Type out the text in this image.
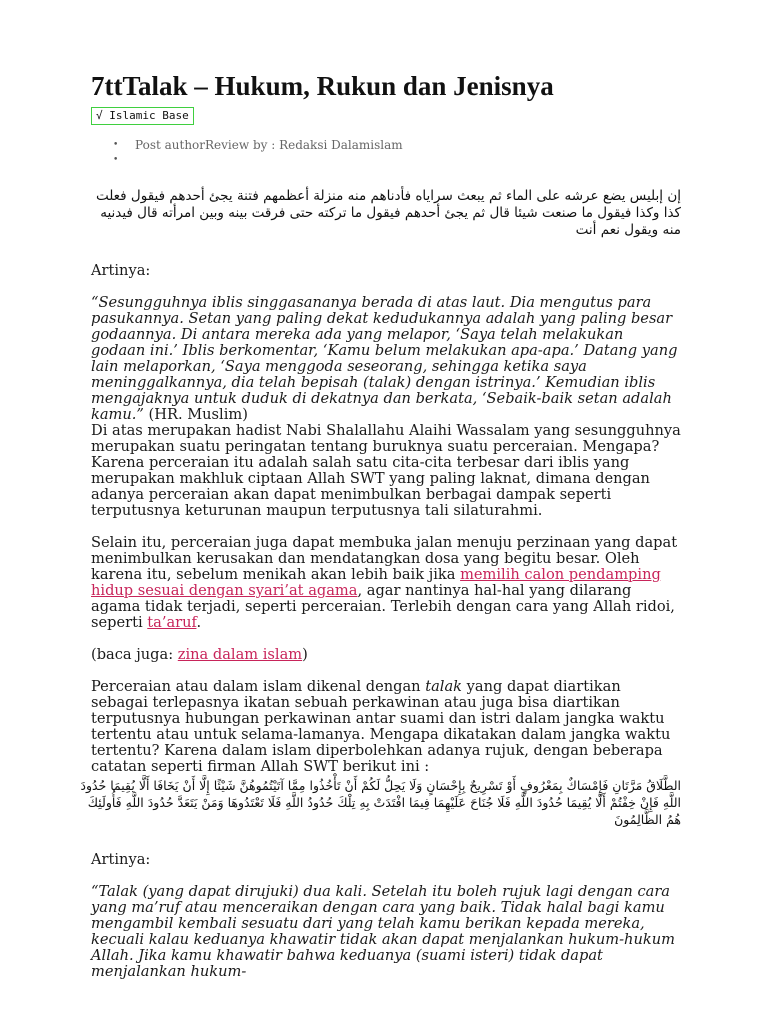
7ttTalak – Hukum, Rukun dan Jenisnya
√ Islamic Base
• Post authorReview by : Redaksi Dalamislam
•
إن إبليس يضع عرشه على الماء ثم يبعث سراياه فأدناهم منه منزلة أعظمهم فتنة يجئ أحدهم فيقول فعلت كذا وكذا فيقول ما صنعت شيئا قال ثم يجئ أحدهم فيقول ما تركته حتى فرقت بينه وبين امرأته قال فيدنيه منه ويقول نعم أنت

Artinya:

“Sesungguhnya iblis singgasananya berada di atas laut. Dia mengutus para pasukannya. Setan yang paling dekat kedudukannya adalah yang paling besar godaannya. Di antara mereka ada yang melapor, ‘Saya telah melakukan godaan ini.’ Iblis berkomentar, ‘Kamu belum melakukan apa-apa.’ Datang yang lain melaporkan, ‘Saya menggoda seseorang, sehingga ketika saya meninggalkannya, dia telah bepisah (talak) dengan istrinya.’ Kemudian iblis mengajaknya untuk duduk di dekatnya dan berkata, ‘Sebaik-baik setan adalah kamu.” (HR. Muslim)

Di atas merupakan hadist Nabi Shalallahu Alaihi Wassalam yang sesungguhnya merupakan suatu peringatan tentang buruknya suatu perceraian. Mengapa? Karena perceraian itu adalah salah satu cita-cita terbesar dari iblis yang merupakan makhluk ciptaan Allah SWT yang paling laknat, dimana dengan adanya perceraian akan dapat menimbulkan berbagai dampak seperti terputusnya keturunan maupun terputusnya tali silaturahmi.

Selain itu, perceraian juga dapat membuka jalan menuju perzinaan yang dapat menimbulkan kerusakan dan mendatangkan dosa yang begitu besar. Oleh karena itu, sebelum menikah akan lebih baik jika memilih calon pendamping hidup sesuai dengan syari’at agama, agar nantinya hal-hal yang dilarang agama tidak terjadi, seperti perceraian. Terlebih dengan cara yang Allah ridoi, seperti ta’aruf.

(baca juga: zina dalam islam)

Perceraian atau dalam islam dikenal dengan talak yang dapat diartikan sebagai terlepasnya ikatan sebuah perkawinan atau juga bisa diartikan terputusnya hubungan perkawinan antar suami dan istri dalam jangka waktu tertentu atau untuk selama-lamanya. Mengapa dikatakan dalam jangka waktu tertentu? Karena dalam islam diperbolehkan adanya rujuk, dengan beberapa catatan seperti firman Allah SWT berikut ini :

الطَّلَاقُ مَرَّتَانِ فَإِمْسَاكٌ بِمَعْرُوفٍ أَوْ تَسْرِيحٌ بِإِحْسَانٍ وَلَا يَحِلُّ لَكُمْ أَنْ تَأْخُذُوا مِمَّا آتَيْتُمُوهُنَّ شَيْئًا إِلَّا أَنْ يَخَافَا أَلَّا يُقِيمَا حُدُودَ اللَّهِ فَإِنْ خِفْتُمْ أَلَّا يُقِيمَا حُدُودَ اللَّهِ فَلَا جُنَاحَ عَلَيْهِمَا فِيمَا افْتَدَتْ بِهِ تِلْكَ حُدُودُ اللَّهِ فَلَا تَعْتَدُوهَا وَمَنْ يَتَعَدَّ حُدُودَ اللَّهِ فَأُولَئِكَ هُمُ الظَّالِمُونَ

Artinya:

“Talak (yang dapat dirujuki) dua kali. Setelah itu boleh rujuk lagi dengan cara yang ma’ruf atau menceraikan dengan cara yang baik. Tidak halal bagi kamu mengambil kembali sesuatu dari yang telah kamu berikan kepada mereka, kecuali kalau keduanya khawatir tidak akan dapat menjalankan hukum-hukum Allah. Jika kamu khawatir bahwa keduanya (suami isteri) tidak dapat menjalankan hukum-
